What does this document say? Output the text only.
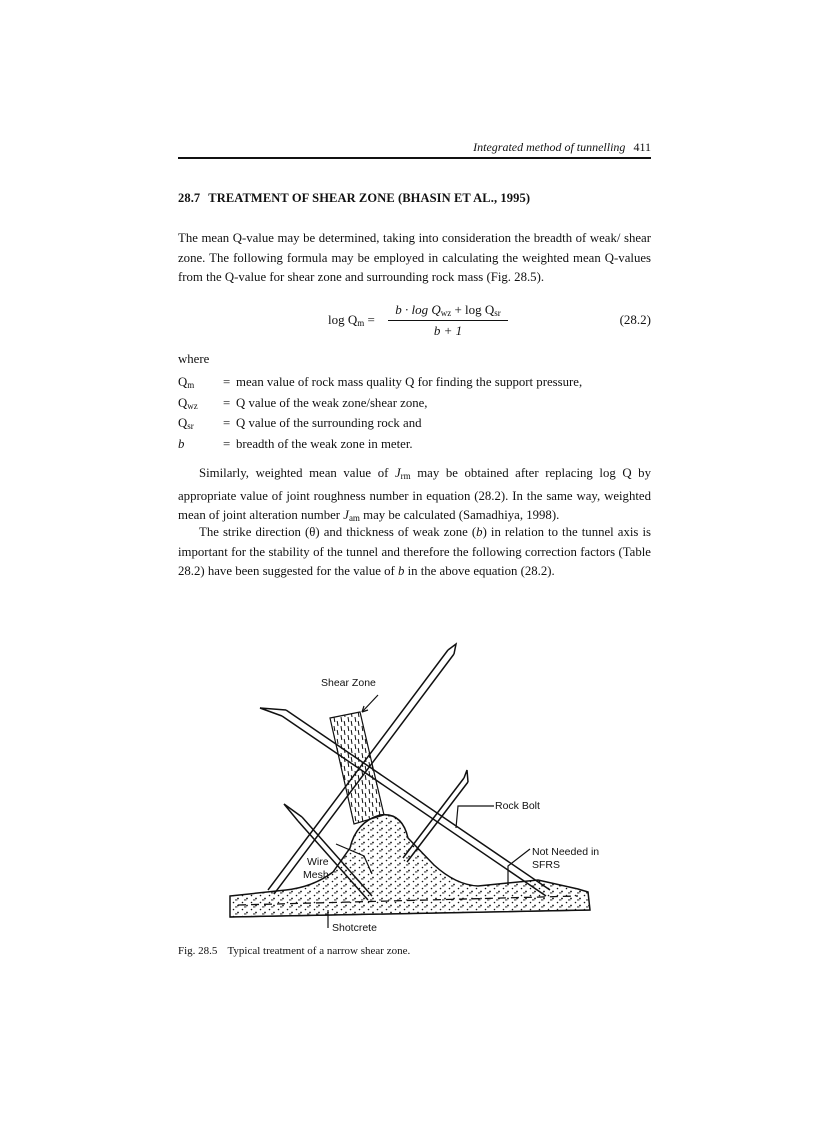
Integrated method of tunnelling 411
28.7 TREATMENT OF SHEAR ZONE (BHASIN ET AL., 1995)

The mean Q-value may be determined, taking into consideration the breadth of weak/ shear zone. The following formula may be employed in calculating the weighted mean Q-values from the Q-value for shear zone and surrounding rock mass (Fig. 28.5).

$\log Q_m$ =
$b \cdot \log Q_{wz} + \log Q_{sr}$
b + 1
(28.2)
where
$Q_m$ = mean value of rock mass quality Q for finding the support pressure,
$Q_{wz} = Q$ value of the weak zone/shear zone,
$Q_{sr} = Q$ value of the surrounding rock and
b	= breadth of the weak zone in meter.

Similarly, weighted mean value of $J_{rm}$ may be obtained after replacing log Q by appropriate value of joint roughness number in equation (28.2). In the same way, weighted mean of joint alteration number $J_{am}$ may be calculated (Samadhiya, 1998).

The strike direction (θ) and thickness of weak zone (b) in relation to the tunnel axis is important for the stability of the tunnel and therefore the following correction factors (Table 28.2) have been suggested for the value of b in the above equation (28.2).

Shear Zone
Rock Bolt
Not Needed in
SFRS
Wire
Mesh
Shotcrete
Fig. 28.5 Typical treatment of a narrow shear zone.
